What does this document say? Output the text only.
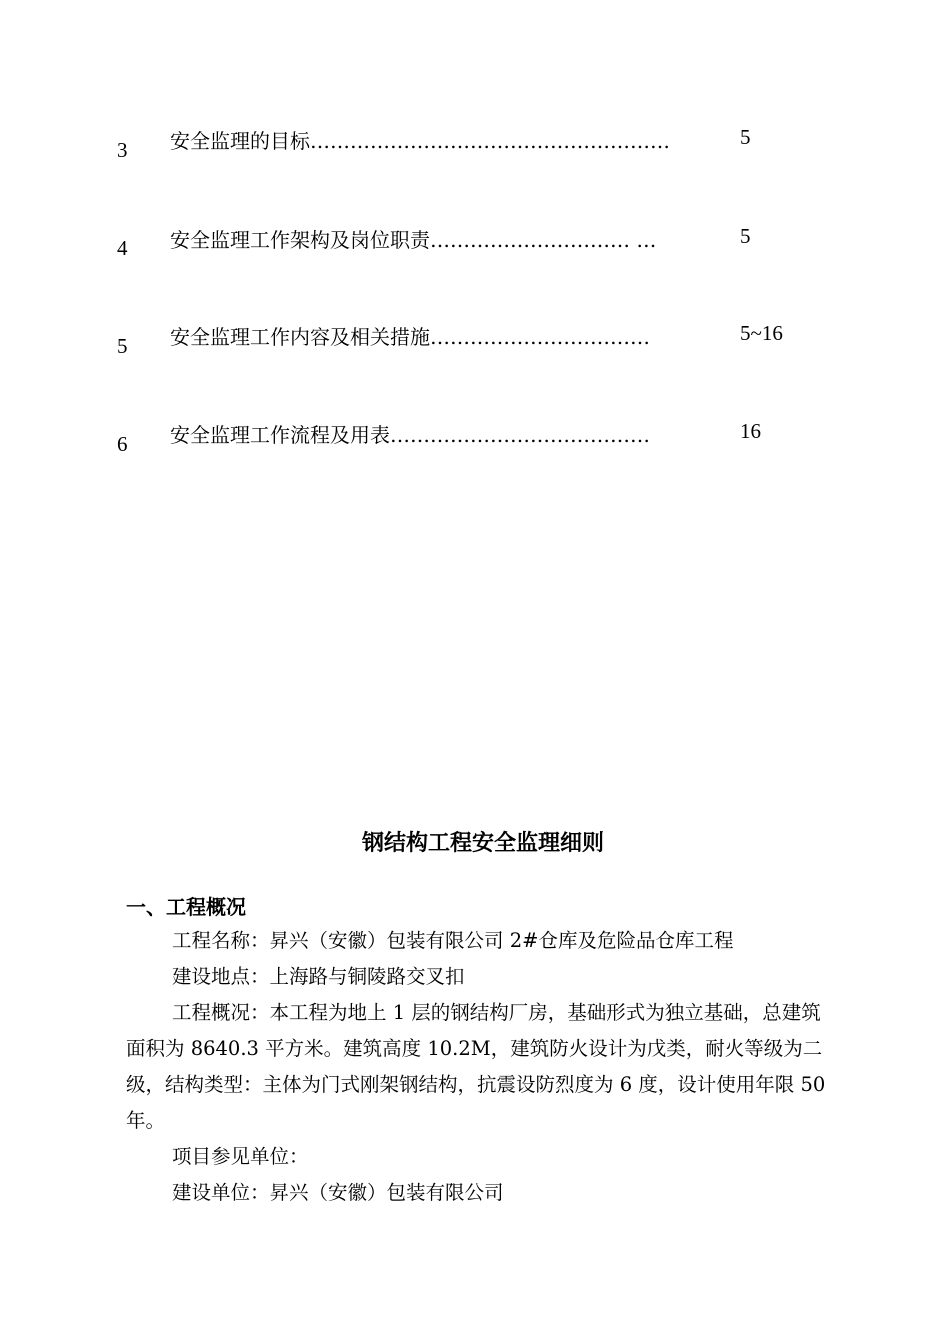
3 安全监理的目标………………………………………………	5
4 安全监理工作架构及岗位职责………………………… …	5
5 安全监理工作内容及相关措施……………………………	5~16
6 安全监理工作流程及用表…………………………………	16
钢结构工程安全监理细则
一、工程概况
工程名称：昇兴（安徽）包装有限公司 2#仓库及危险品仓库工程
建设地点：上海路与铜陵路交叉扣
工程概况：本工程为地上 1 层的钢结构厂房，基础形式为独立基础，总建筑面积为 8640.3 平方米。建筑高度 10.2M，建筑防火设计为戊类，耐火等级为二级，结构类型：主体为门式刚架钢结构，抗震设防烈度为 6 度，设计使用年限 50 年。
项目参见单位：
建设单位：昇兴（安徽）包装有限公司
